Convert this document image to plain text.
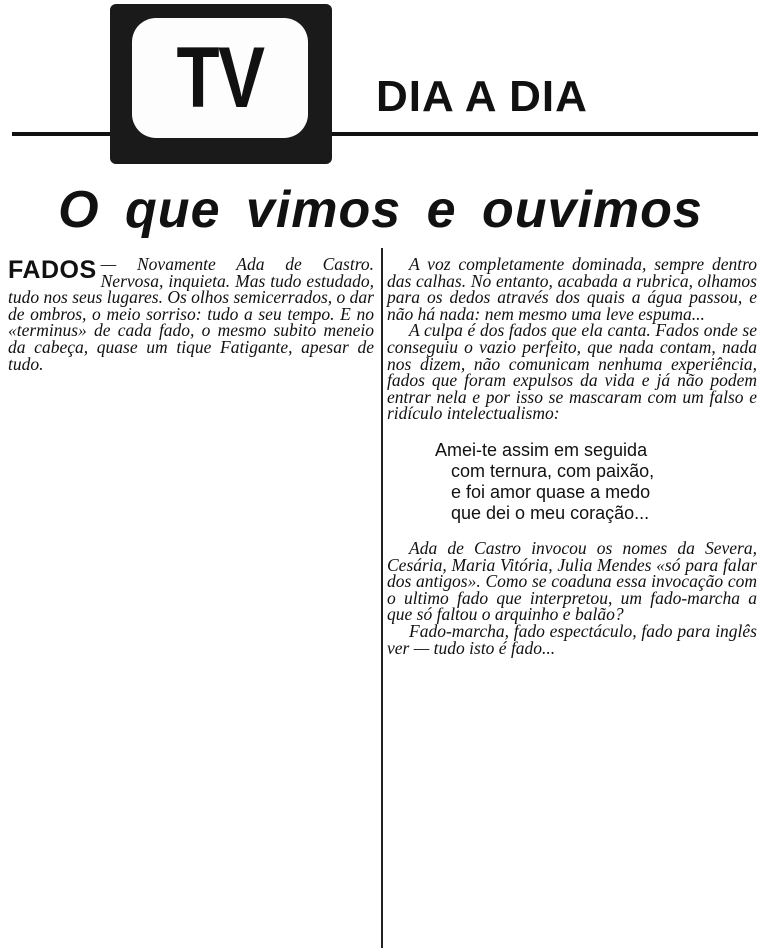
TV	DIA A DIA
O que vimos e ouvimos

FADOS — Novamente Ada de Castro. Nervosa, inquieta. Mas tudo estudado, tudo nos seus lugares. Os olhos semicerrados, o dar de ombros, o meio sorriso: tudo a seu tempo. E no «terminus» de cada fado, o mesmo subito meneio da cabeça, quase um tique Fatigante, apesar de tudo.

A voz completamente dominada, sempre dentro das calhas. No entanto, acabada a rubrica, olhamos para os dedos através dos quais a água passou, e não há nada: nem mesmo uma leve espuma...

A culpa é dos fados que ela canta. Fados onde se conseguiu o vazio perfeito, que nada contam, nada nos dizem, não comunicam nenhuma experiência, fados que foram expulsos da vida e já não podem entrar nela e por isso se mascaram com um falso e ridículo intelectualismo:

Amei-te assim em seguida
com ternura, com paixão,
e foi amor quase a medo
que dei o meu coração...

Ada de Castro invocou os nomes da Severa, Cesária, Maria Vitória, Julia Mendes «só para falar dos antigos». Como se coaduna essa invocação com o ultimo fado que interpretou, um fado-marcha a que só faltou o arquinho e balão?

Fado-marcha, fado espectáculo, fado para inglês ver — tudo isto é fado...
